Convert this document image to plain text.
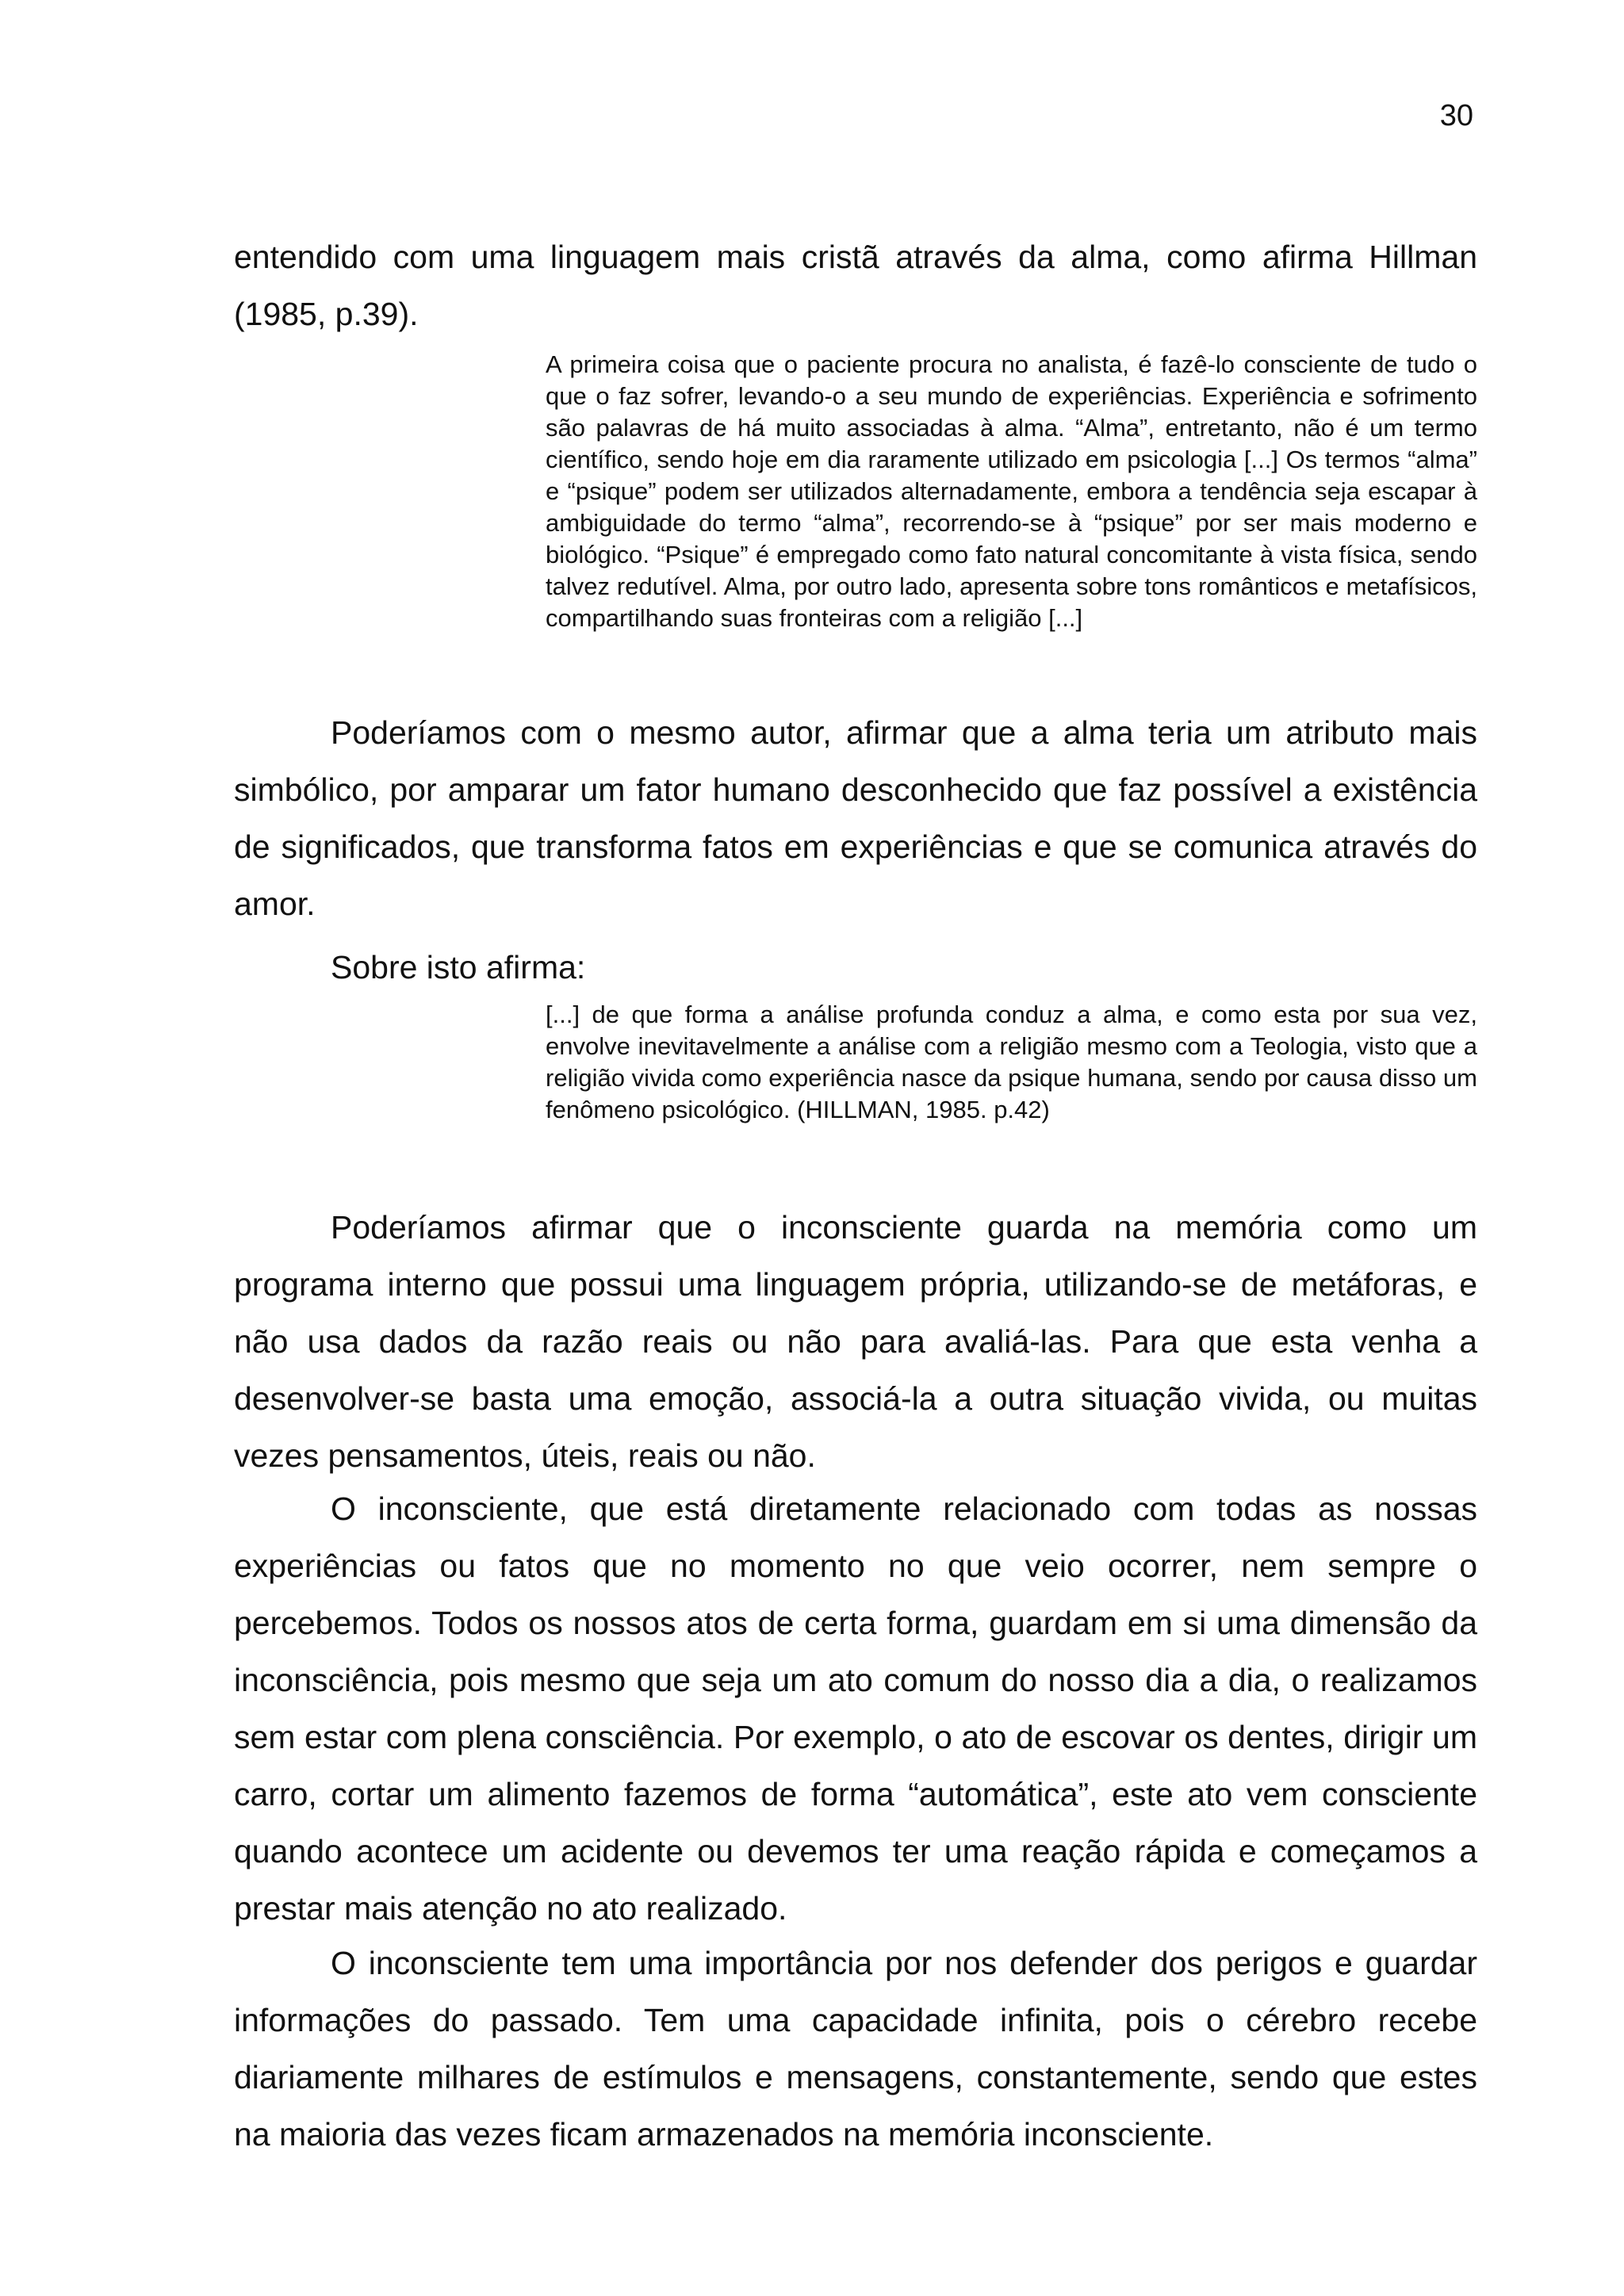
30

entendido com uma linguagem mais cristã através da alma, como afirma Hillman (1985, p.39).

A primeira coisa que o paciente procura no analista, é fazê-lo consciente de tudo o que o faz sofrer, levando-o a seu mundo de experiências. Experiência e sofrimento são palavras de há muito associadas à alma. “Alma”, entretanto, não é um termo científico, sendo hoje em dia raramente utilizado em psicologia [...] Os termos “alma” e “psique” podem ser utilizados alternadamente, embora a tendência seja escapar à ambiguidade do termo “alma”, recorrendo-se à “psique” por ser mais moderno e biológico. “Psique” é empregado como fato natural concomitante à vista física, sendo talvez redutível. Alma, por outro lado, apresenta sobre tons românticos e metafísicos, compartilhando suas fronteiras com a religião [...]

Poderíamos com o mesmo autor, afirmar que a alma teria um atributo mais simbólico, por amparar um fator humano desconhecido que faz possível a existência de significados, que transforma fatos em experiências e que se comunica através do amor.

Sobre isto afirma:

[...] de que forma a análise profunda conduz a alma, e como esta por sua vez, envolve inevitavelmente a análise com a religião mesmo com a Teologia, visto que a religião vivida como experiência nasce da psique humana, sendo por causa disso um fenômeno psicológico. (HILLMAN, 1985. p.42)

Poderíamos afirmar que o inconsciente guarda na memória como um programa interno que possui uma linguagem própria, utilizando-se de metáforas, e não usa dados da razão reais ou não para avaliá-las. Para que esta venha a desenvolver-se basta uma emoção, associá-la a outra situação vivida, ou muitas vezes pensamentos, úteis, reais ou não.

O inconsciente, que está diretamente relacionado com todas as nossas experiências ou fatos que no momento no que veio ocorrer, nem sempre o percebemos. Todos os nossos atos de certa forma, guardam em si uma dimensão da inconsciência, pois mesmo que seja um ato comum do nosso dia a dia, o realizamos sem estar com plena consciência. Por exemplo, o ato de escovar os dentes, dirigir um carro, cortar um alimento fazemos de forma “automática”, este ato vem consciente quando acontece um acidente ou devemos ter uma reação rápida e começamos a prestar mais atenção no ato realizado.

O inconsciente tem uma importância por nos defender dos perigos e guardar informações do passado. Tem uma capacidade infinita, pois o cérebro recebe diariamente milhares de estímulos e mensagens, constantemente, sendo que estes na maioria das vezes ficam armazenados na memória inconsciente.
